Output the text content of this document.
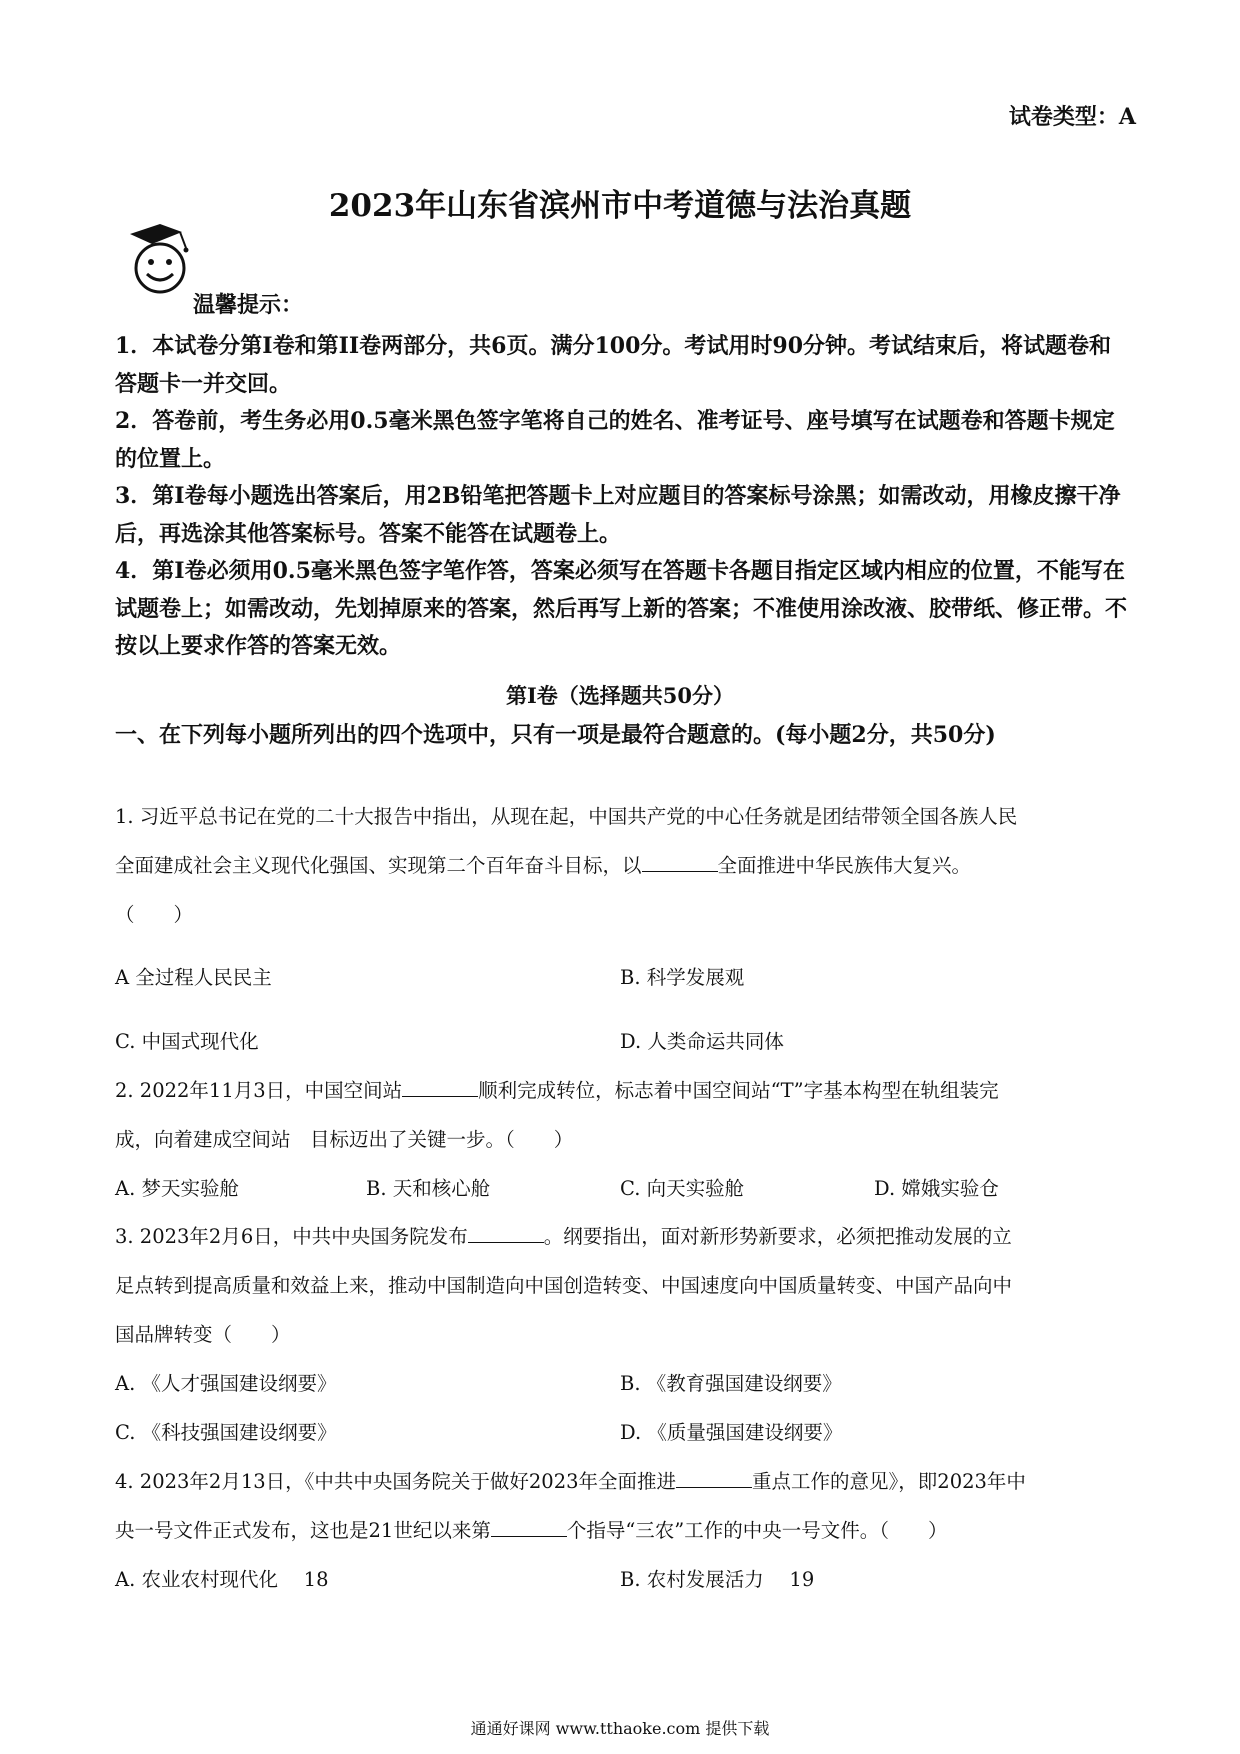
试卷类型：A
2023年山东省滨州市中考道德与法治真题
温馨提示：

1．本试卷分第I卷和第II卷两部分，共6页。满分100分。考试用时90分钟。考试结束后，将试题卷和答题卡一并交回。

2．答卷前，考生务必用0.5毫米黑色签字笔将自己的姓名、准考证号、座号填写在试题卷和答题卡规定的位置上。

3．第Ⅰ卷每小题选出答案后，用2B铅笔把答题卡上对应题目的答案标号涂黑；如需改动，用橡皮擦干净后，再选涂其他答案标号。答案不能答在试题卷上。

4．第Ⅰ卷必须用0.5毫米黑色签字笔作答，答案必须写在答题卡各题目指定区域内相应的位置，不能写在试题卷上；如需改动，先划掉原来的答案，然后再写上新的答案；不准使用涂改液、胶带纸、修正带。不按以上要求作答的答案无效。

第Ⅰ卷（选择题共50分）
一、在下列每小题所列出的四个选项中，只有一项是最符合题意的。(每小题2分，共50分)
1. 习近平总书记在党的二十大报告中指出，从现在起，中国共产党的中心任务就是团结带领全国各族人民
全面建成社会主义现代化强国、实现第二个百年奋斗目标，以	全面推进中华民族伟大复兴。
（　　）
A 全过程人民民主	B. 科学发展观
C. 中国式现代化	D. 人类命运共同体
2. 2022年11月3日，中国空间站	顺利完成转位，标志着中国空间站“T”字基本构型在轨组装完
成，向着建成空间站　目标迈出了关键一步。（　　）
A. 梦天实验舱	B. 天和核心舱	C. 向天实验舱	D. 嫦娥实验仓
3. 2023年2月6日，中共中央国务院发布	。纲要指出，面对新形势新要求，必须把推动发展的立
足点转到提高质量和效益上来，推动中国制造向中国创造转变、中国速度向中国质量转变、中国产品向中
国品牌转变（　　）
A. 《人才强国建设纲要》	B. 《教育强国建设纲要》
C. 《科技强国建设纲要》	D. 《质量强国建设纲要》
4. 2023年2月13日，《中共中央国务院关于做好2023年全面推进	重点工作的意见》，即2023年中
央一号文件正式发布，这也是21世纪以来第	个指导“三农”工作的中央一号文件。（　　）
A. 农业农村现代化　 18	B. 农村发展活力　 19
通通好课网 www.tthaoke.com 提供下载
